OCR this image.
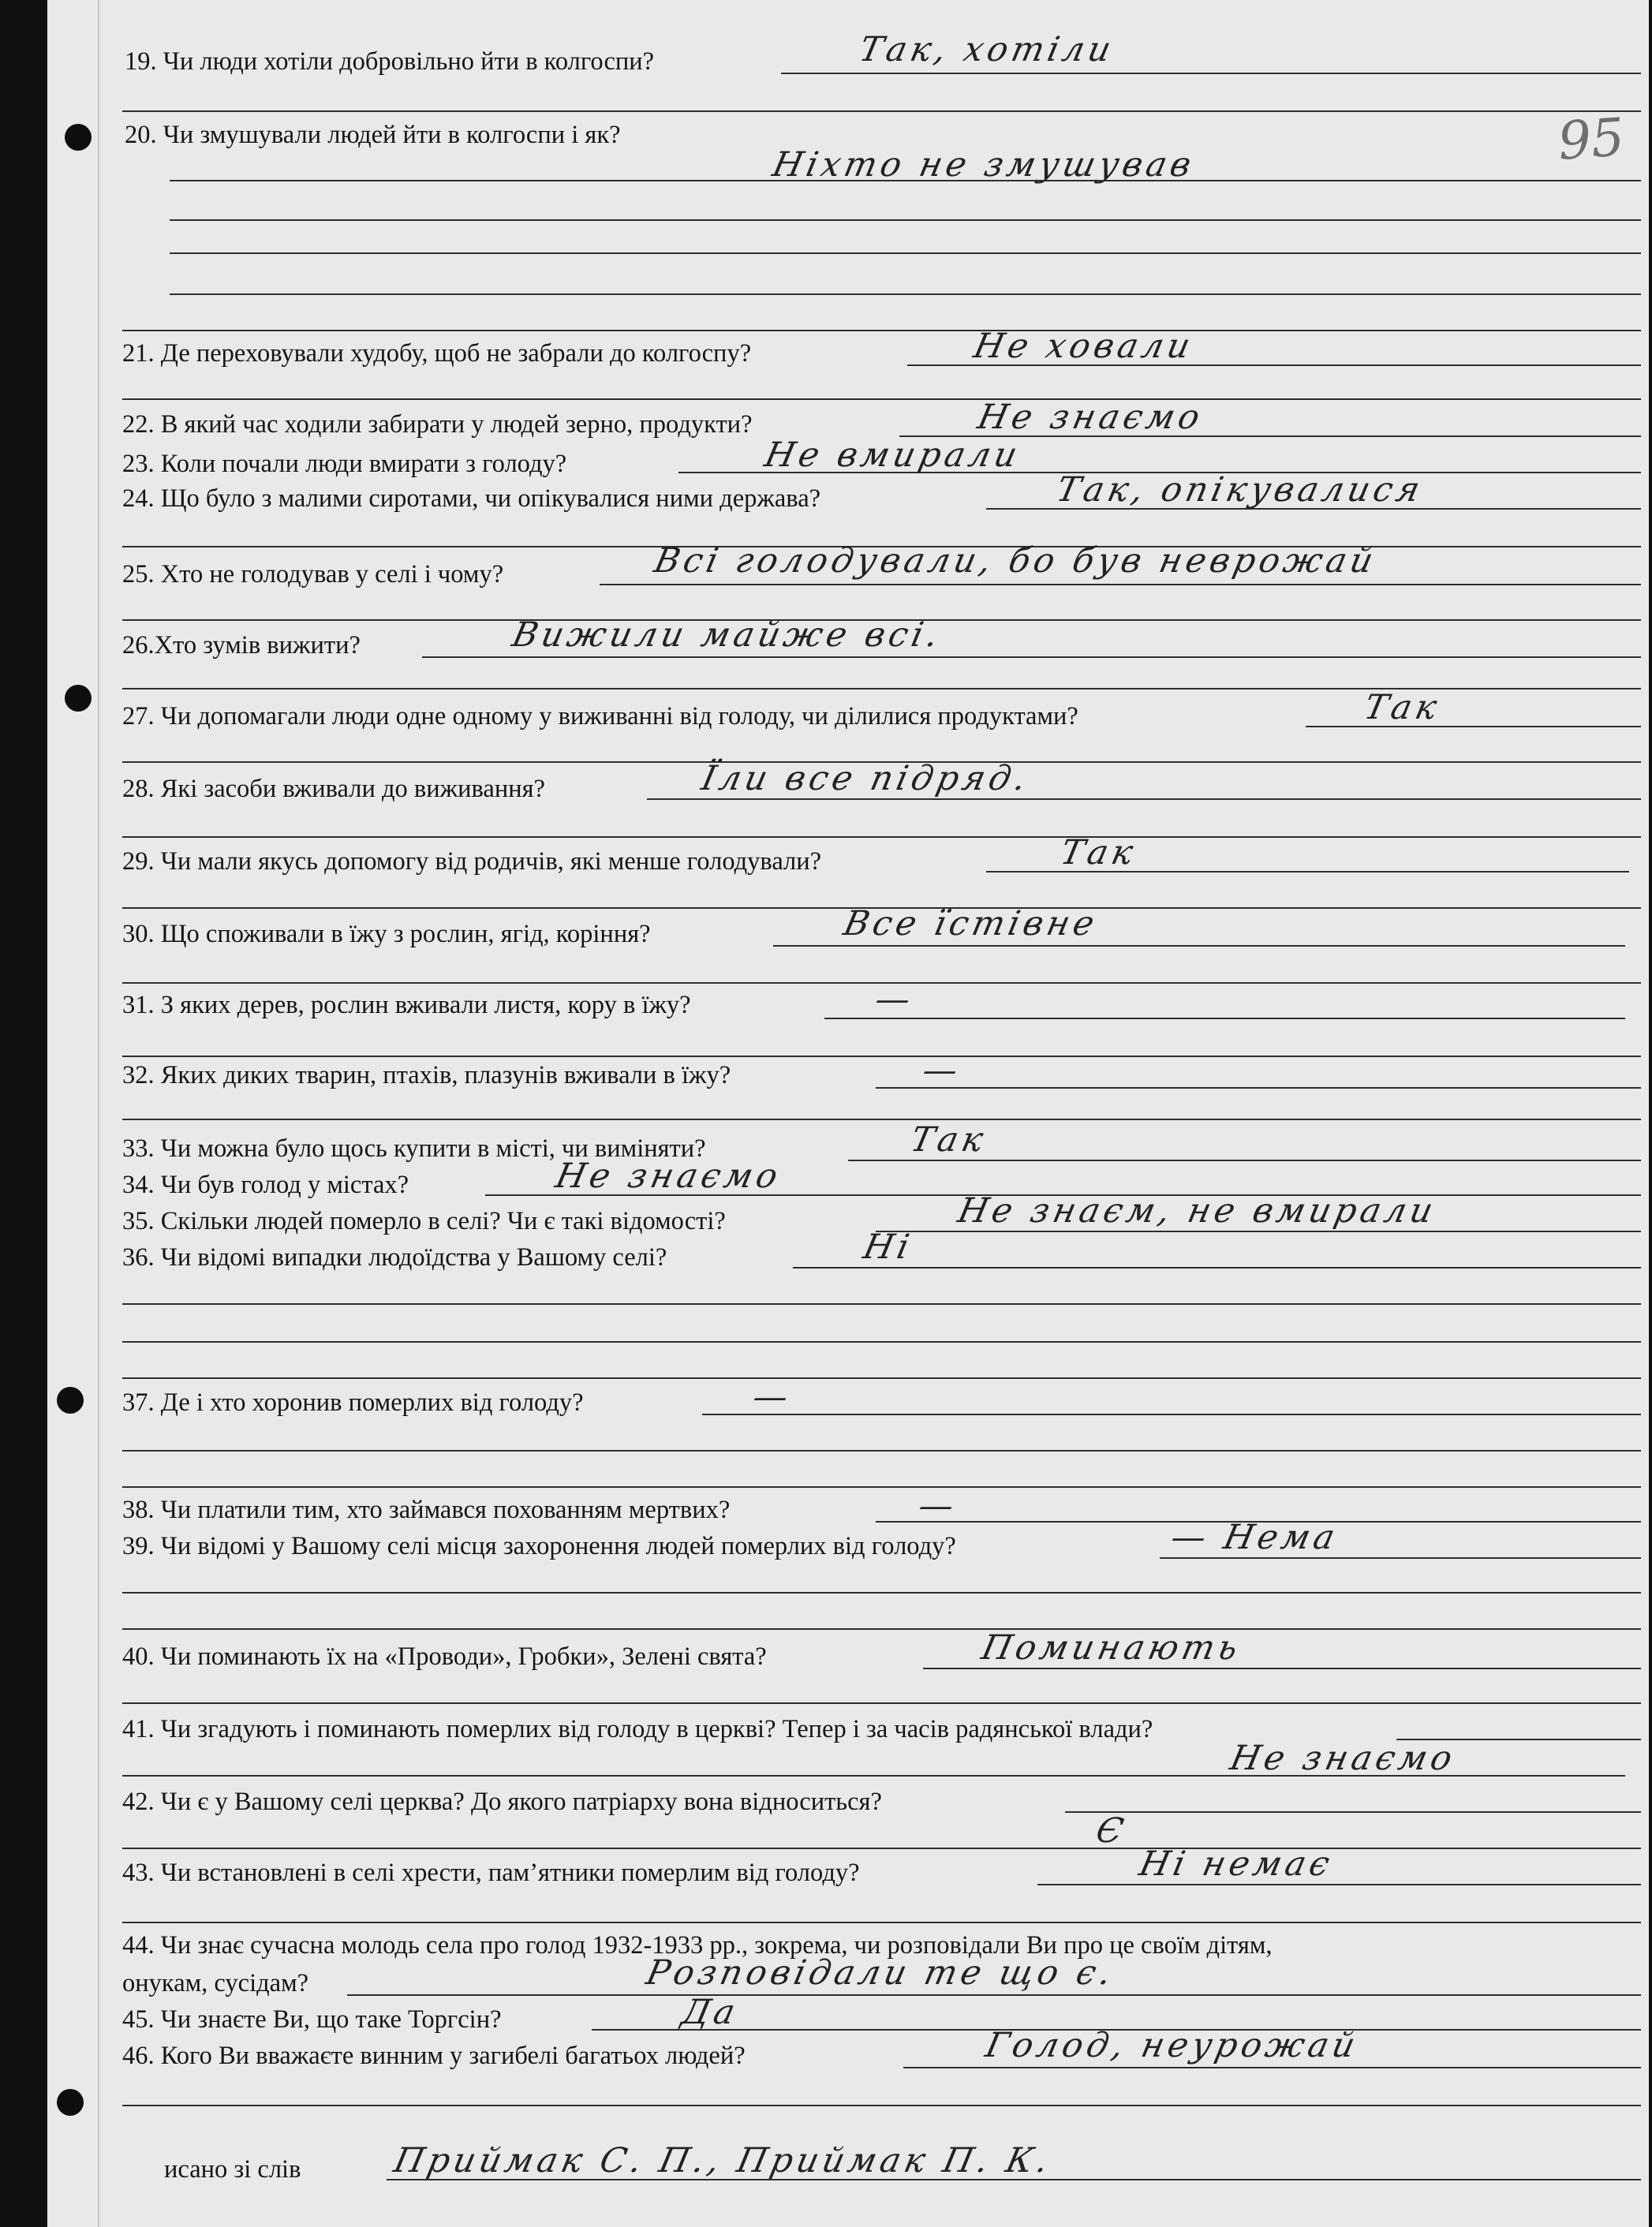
95
19. Чи люди хотіли добровільно йти в колгоспи?	Так, хотіли
20. Чи змушували людей йти в колгоспи і як?
Ніхто не змушував
21. Де переховували худобу, щоб не забрали до колгоспу?	Не ховали
22. В який час ходили забирати у людей зерно, продукти?	Не знаємо
23. Коли почали люди вмирати з голоду?	Не вмирали
24. Що було з малими сиротами, чи опікувалися ними держава?	Так, опікувалися
25. Хто не голодував у селі і чому?	Всі голодували, бо був неврожай
26.Хто зумів вижити?	Вижили майже всі.
27. Чи допомагали люди одне одному у виживанні від голоду, чи ділилися продуктами?	Так
28. Які засоби вживали до виживання?	Їли все підряд.
29. Чи мали якусь допомогу від родичів, які менше голодували?	Так
30. Що споживали в їжу з рослин, ягід, коріння?	Все їстівне
31. З яких дерев, рослин вживали листя, кору в їжу?	—
32. Яких диких тварин, птахів, плазунів вживали в їжу?	—
33. Чи можна було щось купити в місті, чи виміняти?	Так
34. Чи був голод у містах?	Не знаємо
35. Скільки людей померло в селі? Чи є такі відомості?	Не знаєм, не вмирали
36. Чи відомі випадки людоїдства у Вашому селі?	Ні
37. Де і хто хоронив померлих від голоду?	—
38. Чи платили тим, хто займався похованням мертвих?	—
39. Чи відомі у Вашому селі місця захоронення людей померлих від голоду?	— Нема
40. Чи поминають їх на «Проводи», Гробки», Зелені свята?	Поминають
41. Чи згадують і поминають померлих від голоду в церкві? Тепер і за часів радянської влади?
Не знаємо
42. Чи є у Вашому селі церква? До якого патріарху вона відноситься?
Є
43. Чи встановлені в селі хрести, пам’ятники померлим від голоду?	Ні немає
44. Чи знає сучасна молодь села про голод 1932-1933 рр., зокрема, чи розповідали Ви про це своїм дітям,
онукам, сусідам?	Розповідали те що є.
45. Чи знаєте Ви, що таке Торгсін?	Да
46. Кого Ви вважаєте винним у загибелі багатьох людей?	Голод, неурожай
исано зі слів	Приймак С. П., Приймак П. К.
